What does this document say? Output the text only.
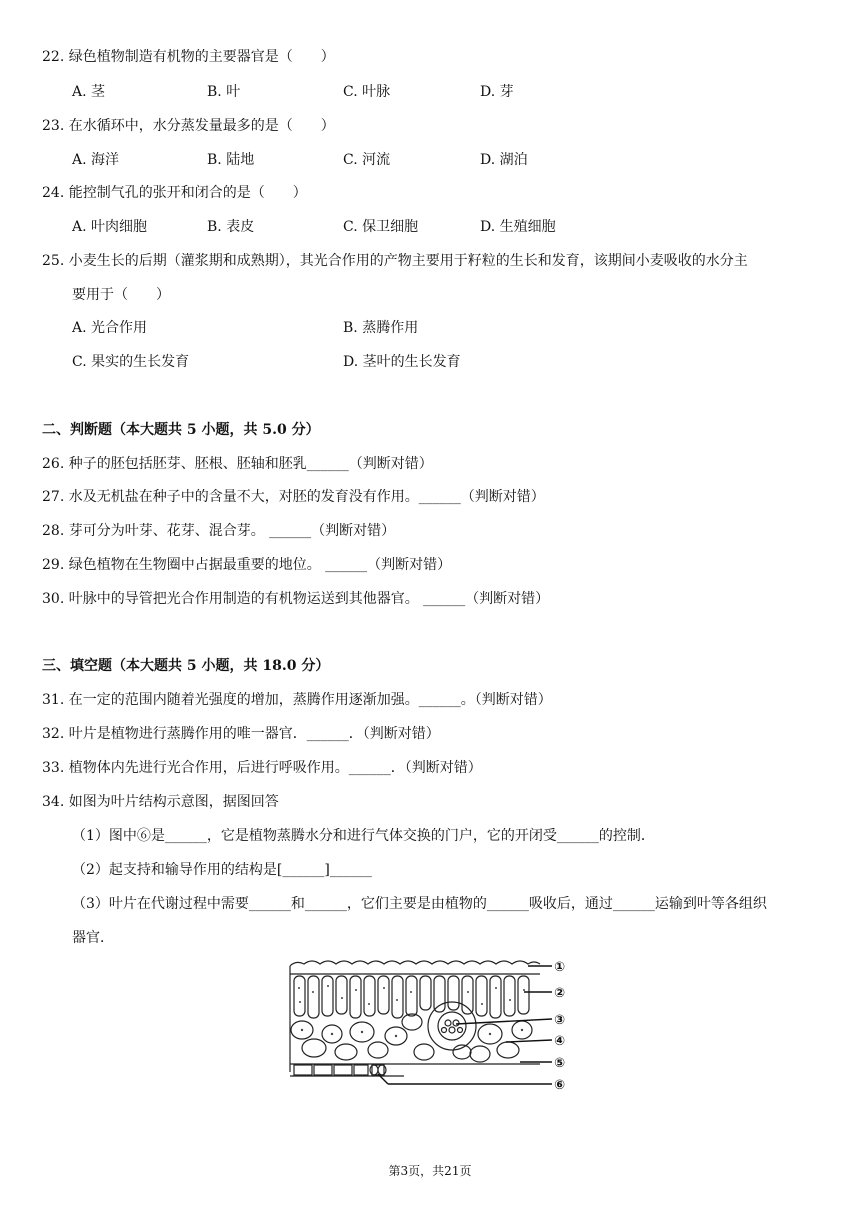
22. 绿色植物制造有机物的主要器官是（　　）
A. 茎	B. 叶	C. 叶脉	D. 芽
23. 在水循环中，水分蒸发量最多的是（　　）
A. 海洋	B. 陆地	C. 河流	D. 湖泊
24. 能控制气孔的张开和闭合的是（　　）
A. 叶肉细胞	B. 表皮	C. 保卫细胞	D. 生殖细胞
25. 小麦生长的后期（灌浆期和成熟期），其光合作用的产物主要用于籽粒的生长和发育，该期间小麦吸收的水分主
要用于（　　）
A. 光合作用	B. 蒸腾作用
C. 果实的生长发育	D. 茎叶的生长发育
二、判断题（本大题共 5 小题，共 5.0 分）
26. 种子的胚包括胚芽、胚根、胚轴和胚乳______（判断对错）
27. 水及无机盐在种子中的含量不大，对胚的发育没有作用。______（判断对错）
28. 芽可分为叶芽、花芽、混合芽。 ______（判断对错）
29. 绿色植物在生物圈中占据最重要的地位。 ______（判断对错）
30. 叶脉中的导管把光合作用制造的有机物运送到其他器官。 ______（判断对错）
三、填空题（本大题共 5 小题，共 18.0 分）
31. 在一定的范围内随着光强度的增加，蒸腾作用逐渐加强。______。（判断对错）
32. 叶片是植物进行蒸腾作用的唯一器官．______．（判断对错）
33. 植物体内先进行光合作用，后进行呼吸作用。______．（判断对错）
34. 如图为叶片结构示意图，据图回答
（1）图中⑥是______，它是植物蒸腾水分和进行气体交换的门户，它的开闭受______的控制．
（2）起支持和输导作用的结构是[______]______
（3）叶片在代谢过程中需要______和______，它们主要是由植物的______吸收后，通过______运输到叶等各组织
器官．
①
②
③
④
⑤
⑥
第3页，共21页
